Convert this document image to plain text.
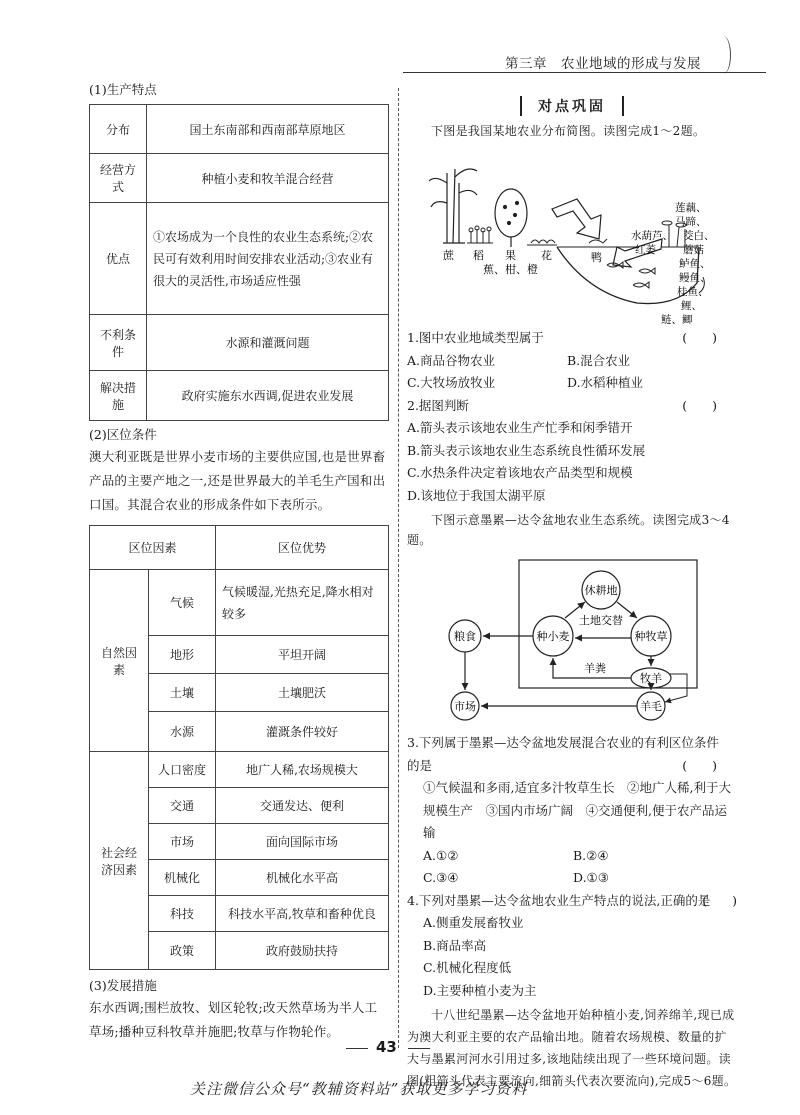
第三章　农业地域的形成与发展
(1)生产特点
分布	国土东南部和西南部草原地区
经营方式	种植小麦和牧羊混合经营
优点	①农场成为一个良性的农业生态系统;②农民可有效利用时间安排农业活动;③农业有很大的灵活性,市场适应性强
不利条件	水源和灌溉问题
解决措施	政府实施东水西调,促进农业发展
(2)区位条件
澳大利亚既是世界小麦市场的主要供应国,也是世界畜产品的主要产地之一,还是世界最大的羊毛生产国和出口国。其混合农业的形成条件如下表所示。
区位因素		区位优势
自然因素	气候	气候暖湿,光热充足,降水相对较多
	地形	平坦开阔
	土壤	土壤肥沃
	水源	灌溉条件较好
社会经济因素	人口密度	地广人稀,农场规模大
	交通	交通发达、便利
	市场	面向国际市场
	机械化	机械化水平高
	科技	科技水平高,牧草和畜种优良
	政策	政府鼓励扶持
(3)发展措施
东水西调;围栏放牧、划区轮牧;改天然草场为半人工草场;播种豆科牧草并施肥;牧草与作物轮作。
对点巩固
下图是我国某地农业分布简图。读图完成1～2题。
蔗 稻 果 花
蕉、柑、橙
鸭
莲藕、
马蹄、
水葫芦、 茭白、
红萎	蘑菇
鲈鱼、
鳗鱼、
桂鱼、
鲤、
鲢、鲫
1.图中农业地域类型属于	(　　)
A.商品谷物农业	B.混合农业
C.大牧场放牧业	D.水稻种植业
2.据图判断	(　　)
A.箭头表示该地农业生产忙季和闲季错开
B.箭头表示该地农业生态系统良性循环发展
C.水热条件决定着该地农产品类型和规模
D.该地位于我国太湖平原
下图示意墨累—达令盆地农业生态系统。读图完成3～4题。
休耕地
土地交替
种小麦	种牧草
粮食
羊粪
牧羊
市场	羊毛
3.下列属于墨累—达令盆地发展混合农业的有利区位条件
的是	(　　)
①气候温和多雨,适宜多汁牧草生长　②地广人稀,利于大规模生产　③国内市场广阔　④交通便利,便于农产品运输
A.①②	B.②④
C.③④	D.①③
4.下列对墨累—达令盆地农业生产特点的说法,正确的是
(　　)
A.侧重发展畜牧业
B.商品率高
C.机械化程度低
D.主要种植小麦为主
十八世纪墨累—达令盆地开始种植小麦,饲养绵羊,现已成为澳大利亚主要的农产品输出地。随着农场规模、数量的扩大与墨累河河水引用过多,该地陆续出现了一些环境问题。读图(粗箭头代表主要流向,细箭头代表次要流向),完成5～6题。
43
关注微信公众号“教辅资料站”获取更多学习资料
